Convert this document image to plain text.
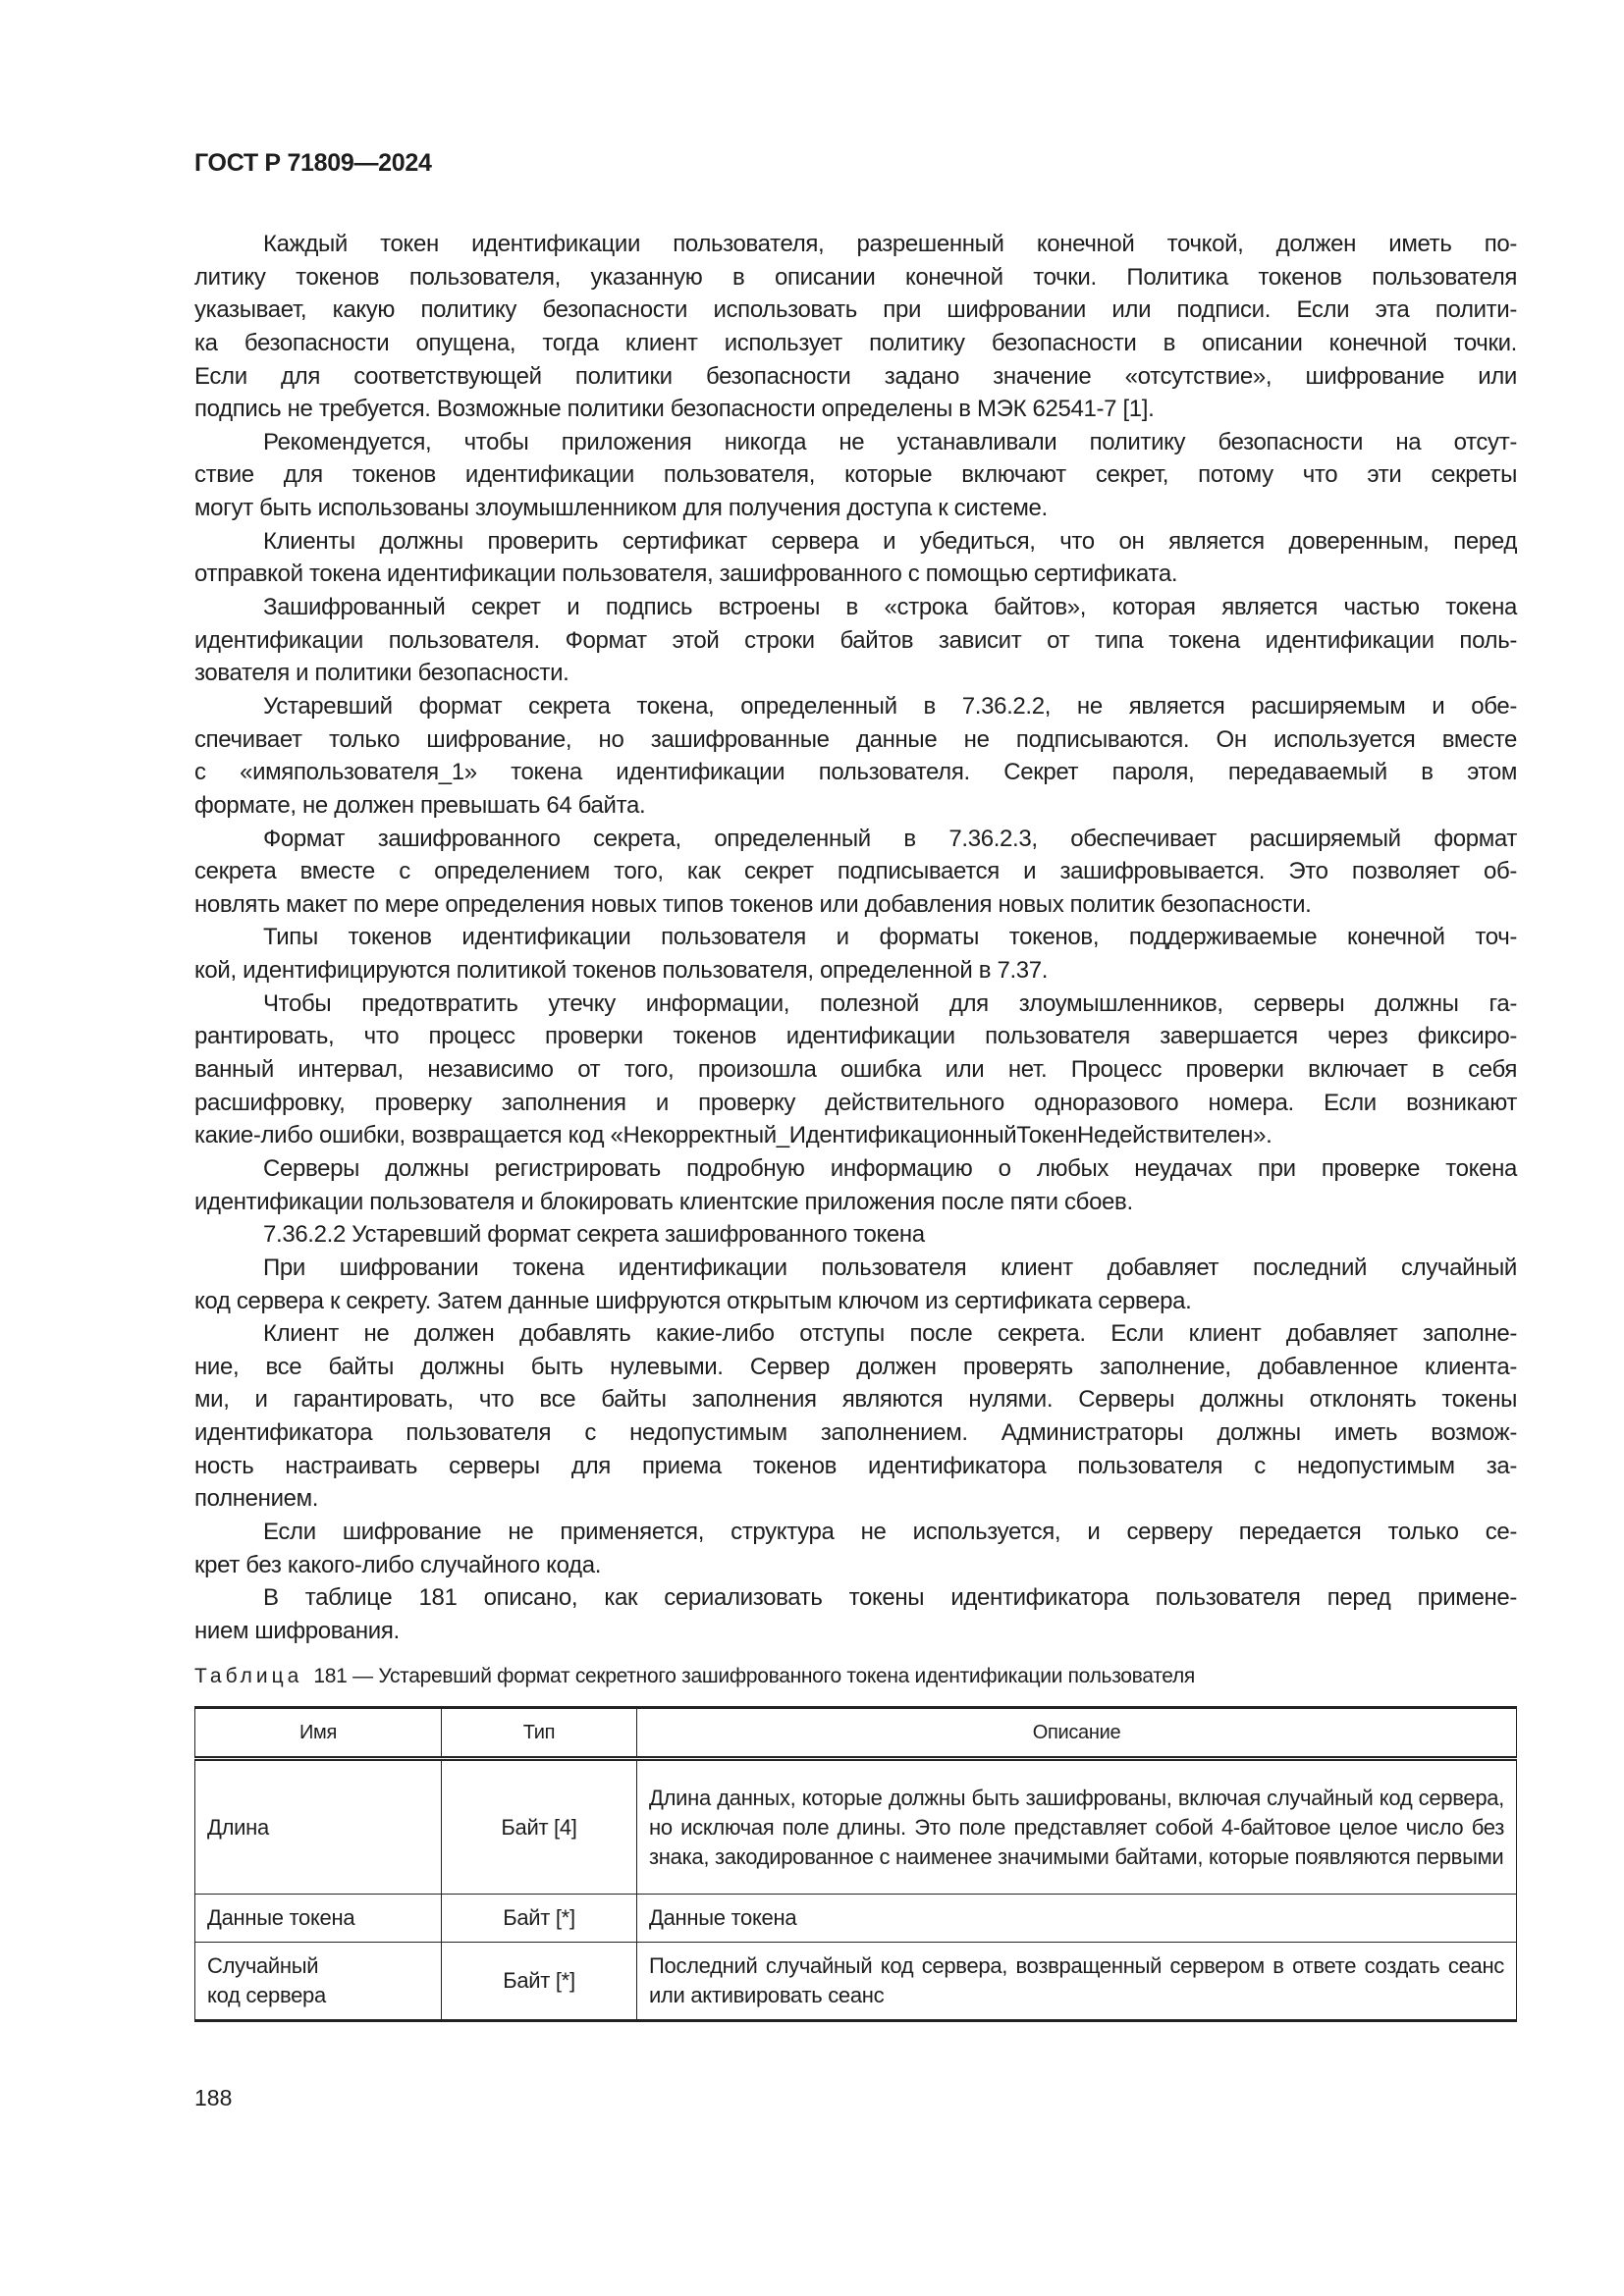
ГОСТ Р 71809—2024
Каждый токен идентификации пользователя, разрешенный конечной точкой, должен иметь по-
литику токенов пользователя, указанную в описании конечной точки. Политика токенов пользователя
указывает, какую политику безопасности использовать при шифровании или подписи. Если эта полити-
ка безопасности опущена, тогда клиент использует политику безопасности в описании конечной точки.
Если для соответствующей политики безопасности задано значение «отсутствие», шифрование или
подпись не требуется. Возможные политики безопасности определены в МЭК 62541-7 [1].
Рекомендуется, чтобы приложения никогда не устанавливали политику безопасности на отсут-
ствие для токенов идентификации пользователя, которые включают секрет, потому что эти секреты
могут быть использованы злоумышленником для получения доступа к системе.
Клиенты должны проверить сертификат сервера и убедиться, что он является доверенным, перед
отправкой токена идентификации пользователя, зашифрованного с помощью сертификата.
Зашифрованный секрет и подпись встроены в «строка байтов», которая является частью токена
идентификации пользователя. Формат этой строки байтов зависит от типа токена идентификации поль-
зователя и политики безопасности.
Устаревший формат секрета токена, определенный в 7.36.2.2, не является расширяемым и обе-
спечивает только шифрование, но зашифрованные данные не подписываются. Он используется вместе
с «имяпользователя_1» токена идентификации пользователя. Секрет пароля, передаваемый в этом
формате, не должен превышать 64 байта.
Формат зашифрованного секрета, определенный в 7.36.2.3, обеспечивает расширяемый формат
секрета вместе с определением того, как секрет подписывается и зашифровывается. Это позволяет об-
новлять макет по мере определения новых типов токенов или добавления новых политик безопасности.
Типы токенов идентификации пользователя и форматы токенов, поддерживаемые конечной точ-
кой, идентифицируются политикой токенов пользователя, определенной в 7.37.
Чтобы предотвратить утечку информации, полезной для злоумышленников, серверы должны га-
рантировать, что процесс проверки токенов идентификации пользователя завершается через фиксиро-
ванный интервал, независимо от того, произошла ошибка или нет. Процесс проверки включает в себя
расшифровку, проверку заполнения и проверку действительного одноразового номера. Если возникают
какие-либо ошибки, возвращается код «Некорректный_ИдентификационныйТокенНедействителен».
Серверы должны регистрировать подробную информацию о любых неудачах при проверке токена
идентификации пользователя и блокировать клиентские приложения после пяти сбоев.
7.36.2.2 Устаревший формат секрета зашифрованного токена
При шифровании токена идентификации пользователя клиент добавляет последний случайный
код сервера к секрету. Затем данные шифруются открытым ключом из сертификата сервера.
Клиент не должен добавлять какие-либо отступы после секрета. Если клиент добавляет заполне-
ние, все байты должны быть нулевыми. Сервер должен проверять заполнение, добавленное клиента-
ми, и гарантировать, что все байты заполнения являются нулями. Серверы должны отклонять токены
идентификатора пользователя с недопустимым заполнением. Администраторы должны иметь возмож-
ность настраивать серверы для приема токенов идентификатора пользователя с недопустимым за-
полнением.
Если шифрование не применяется, структура не используется, и серверу передается только се-
крет без какого-либо случайного кода.
В таблице 181 описано, как сериализовать токены идентификатора пользователя перед примене-
нием шифрования.
Таблица 181 — Устаревший формат секретного зашифрованного токена идентификации пользователя
Имя	Тип	Описание
Длина	Байт [4]	Длина данных, которые должны быть зашифрованы, включая случайный код сервера, но исключая поле длины. Это поле представляет собой 4-байтовое целое число без знака, закодированное с наименее значимыми байтами, которые появляются первыми
Данные токена	Байт [*]	Данные токена

Случайный код сервера	Байт [*]	Последний случайный код сервера, возвращенный сервером в ответе создать сеанс или активировать сеанс
188
